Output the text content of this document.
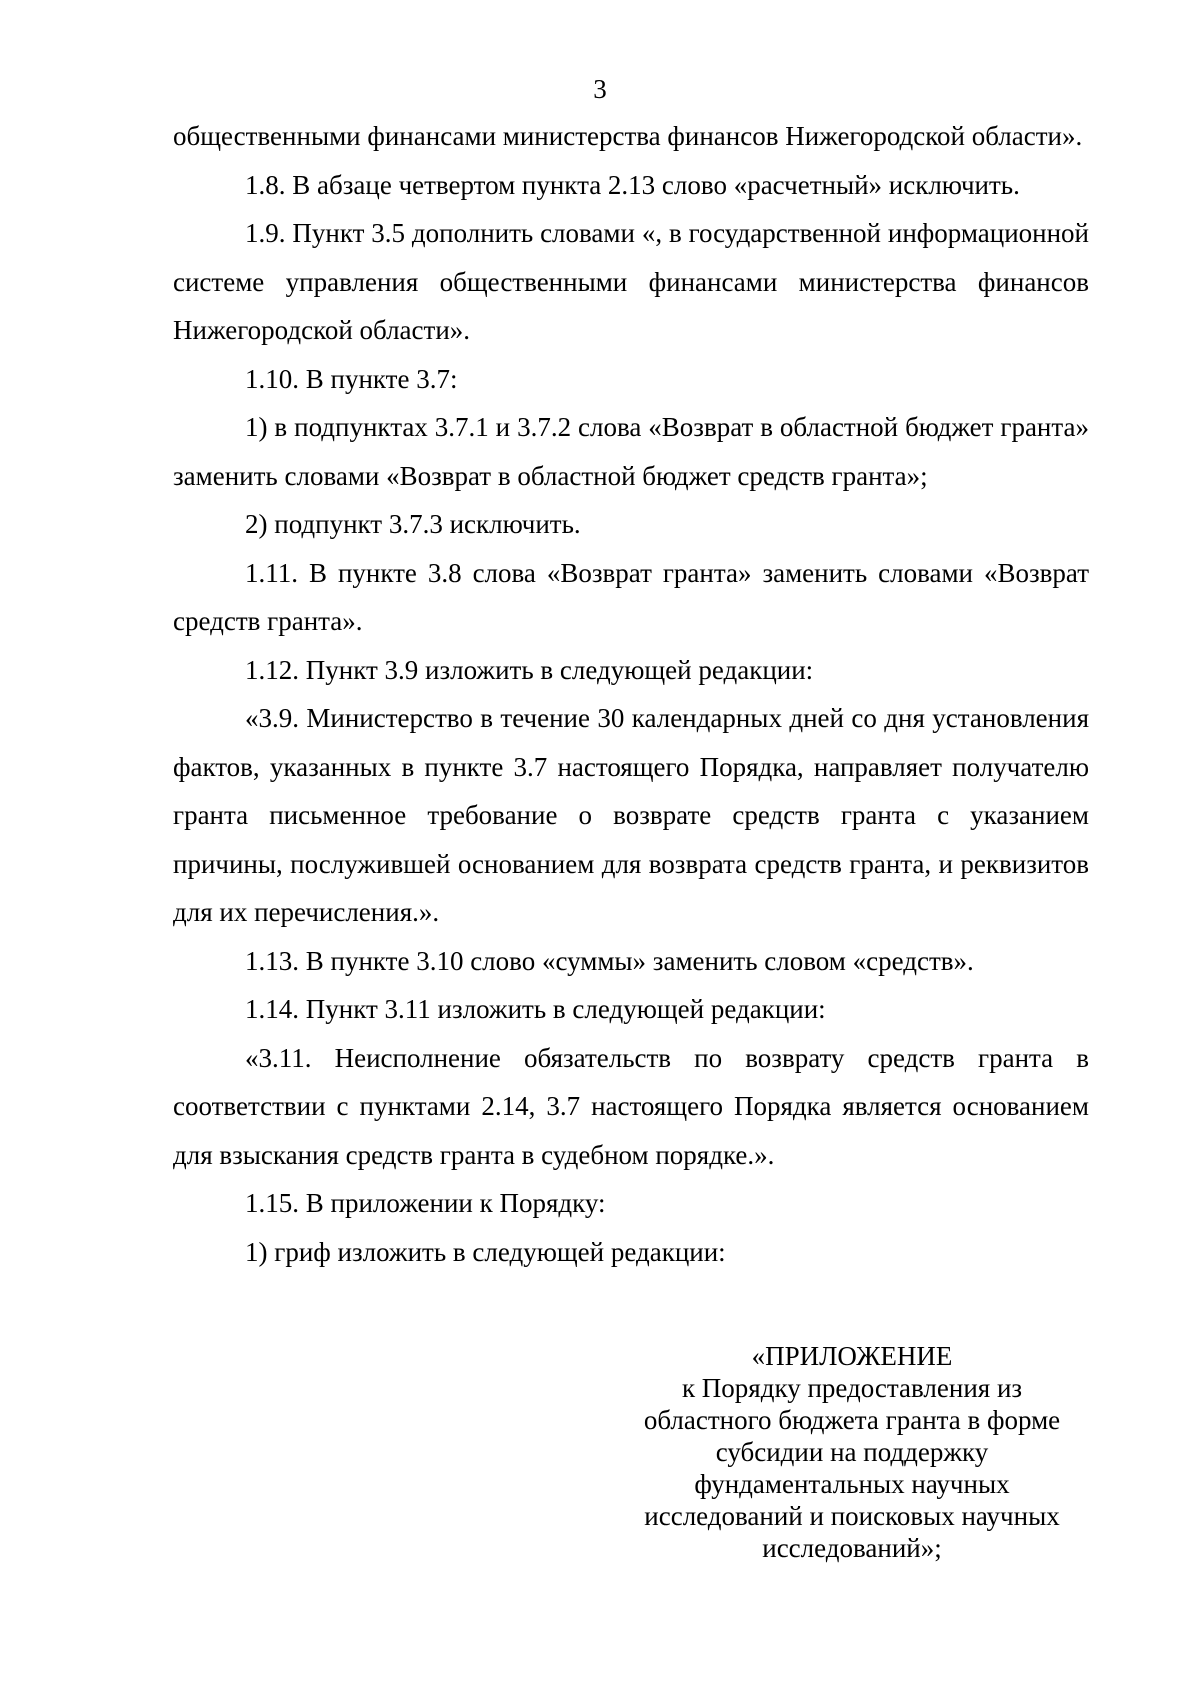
3

общественными финансами министерства финансов Нижегородской области».

1.8. В абзаце четвертом пункта 2.13 слово «расчетный» исключить.

1.9. Пункт 3.5 дополнить словами «, в государственной информационной системе управления общественными финансами министерства финансов Нижегородской области».

1.10. В пункте 3.7:

1) в подпунктах 3.7.1 и 3.7.2 слова «Возврат в областной бюджет гранта» заменить словами «Возврат в областной бюджет средств гранта»;

2) подпункт 3.7.3 исключить.

1.11. В пункте 3.8 слова «Возврат гранта» заменить словами «Возврат средств гранта».

1.12. Пункт 3.9 изложить в следующей редакции:

«3.9. Министерство в течение 30 календарных дней со дня установления фактов, указанных в пункте 3.7 настоящего Порядка, направляет получателю гранта письменное требование о возврате средств гранта с указанием причины, послужившей основанием для возврата средств гранта, и реквизитов для их перечисления.».

1.13. В пункте 3.10 слово «суммы» заменить словом «средств».

1.14. Пункт 3.11 изложить в следующей редакции:

«3.11. Неисполнение обязательств по возврату средств гранта в соответствии с пунктами 2.14, 3.7 настоящего Порядка является основанием для взыскания средств гранта в судебном порядке.».

1.15. В приложении к Порядку:

1) гриф изложить в следующей редакции:

«ПРИЛОЖЕНИЕ
к Порядку предоставления из
областного бюджета гранта в форме
субсидии на поддержку
фундаментальных научных
исследований и поисковых научных
исследований»;
